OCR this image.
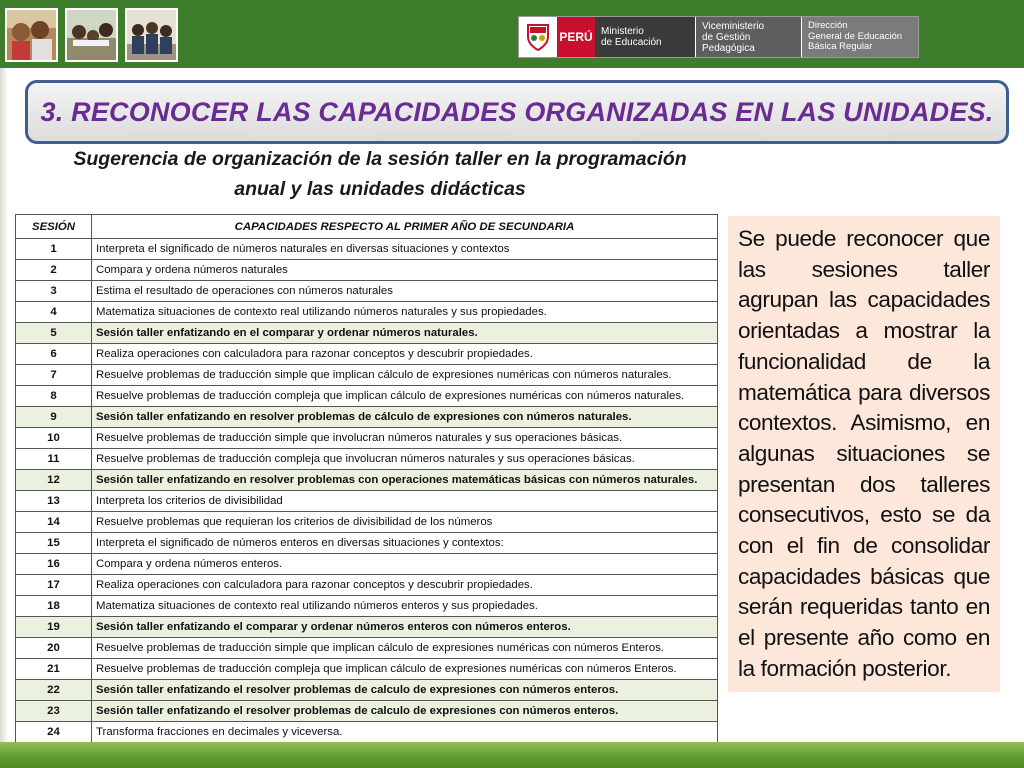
PERÚ Ministerio
de Educación
Viceministerio
de Gestión Pedagógica
Dirección
General de Educación
Básica Regular
3. RECONOCER LAS CAPACIDADES ORGANIZADAS EN LAS UNIDADES.
Sugerencia de organización de la sesión taller en la programación
anual y las unidades didácticas
SESIÓN	CAPACIDADES RESPECTO AL PRIMER AÑO DE SECUNDARIA
1	Interpreta el significado de números naturales en diversas situaciones y contextos
2	Compara y ordena números naturales
3	Estima el resultado de operaciones con números naturales
4	Matematiza situaciones de contexto real utilizando números naturales y sus propiedades.
5	Sesión taller enfatizando en el comparar y ordenar números naturales.
6	Realiza operaciones con calculadora para razonar conceptos y descubrir propiedades.
7	Resuelve problemas de traducción simple que implican cálculo de expresiones numéricas con números naturales.
8	Resuelve problemas de traducción compleja que implican cálculo de expresiones numéricas con números naturales.
9	Sesión taller enfatizando en resolver problemas de cálculo de expresiones con números naturales.
10	Resuelve problemas de traducción simple que involucran números naturales y sus operaciones básicas.
11	Resuelve problemas de traducción compleja que involucran números naturales y sus operaciones básicas.
12	Sesión taller enfatizando en resolver problemas con operaciones matemáticas básicas con números naturales.
13	Interpreta los criterios de divisibilidad
14	Resuelve problemas que requieran los criterios de divisibilidad de los números
15	Interpreta el significado de números enteros en diversas situaciones y contextos:
16	Compara y ordena números enteros.
17	Realiza operaciones con calculadora para razonar conceptos y descubrir propiedades.
18	Matematiza situaciones de contexto real utilizando números enteros y sus propiedades.
19	Sesión taller enfatizando el comparar y ordenar números enteros con números enteros.
20	Resuelve problemas de traducción simple que implican cálculo de expresiones numéricas con números Enteros.
21	Resuelve problemas de traducción compleja que implican cálculo de expresiones numéricas con números Enteros.
22	Sesión taller enfatizando el resolver problemas de calculo de expresiones con números enteros.
23	Sesión taller enfatizando el resolver problemas de calculo de expresiones con números enteros.
24	Transforma fracciones en decimales y viceversa.

Se puede reconocer que las sesiones taller agrupan las capacidades orientadas a mostrar la funcionalidad de la matemática para diversos contextos. Asimismo, en algunas situaciones se presentan dos talleres consecutivos, esto se da con el fin de consolidar capacidades básicas que serán requeridas tanto en el presente año como en la formación posterior.
